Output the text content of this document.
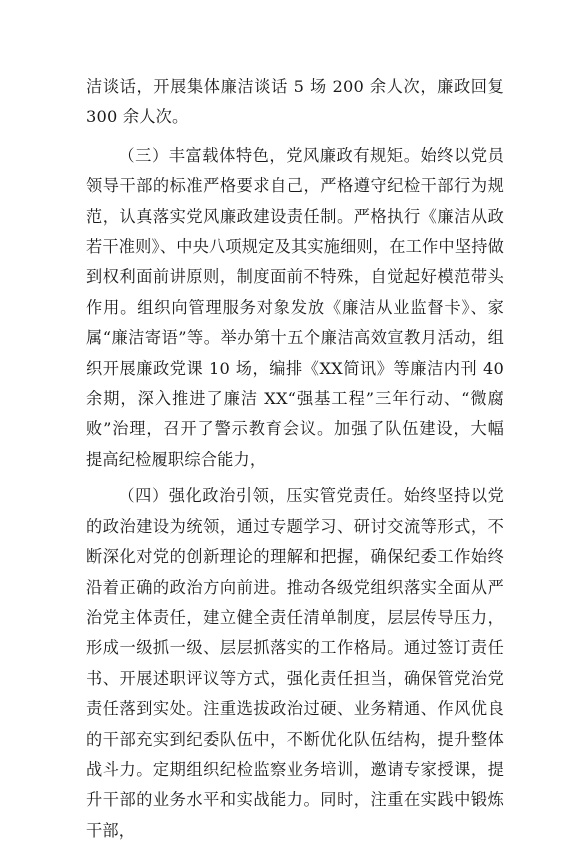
洁谈话，开展集体廉洁谈话 5 场 200 余人次，廉政回复 300 余人次。

（三）丰富载体特色，党风廉政有规矩。始终以党员领导干部的标准严格要求自己，严格遵守纪检干部行为规范，认真落实党风廉政建设责任制。严格执行《廉洁从政若干准则》、中央八项规定及其实施细则，在工作中坚持做到权利面前讲原则，制度面前不特殊，自觉起好模范带头作用。组织向管理服务对象发放《廉洁从业监督卡》、家属“廉洁寄语”等。举办第十五个廉洁高效宣教月活动，组织开展廉政党课 10 场，编排《XX简讯》等廉洁内刊 40 余期，深入推进了廉洁 XX“强基工程”三年行动、“微腐败”治理，召开了警示教育会议。加强了队伍建设，大幅提高纪检履职综合能力，

（四）强化政治引领，压实管党责任。始终坚持以党的政治建设为统领，通过专题学习、研讨交流等形式，不断深化对党的创新理论的理解和把握，确保纪委工作始终沿着正确的政治方向前进。推动各级党组织落实全面从严治党主体责任，建立健全责任清单制度，层层传导压力，形成一级抓一级、层层抓落实的工作格局。通过签订责任书、开展述职评议等方式，强化责任担当，确保管党治党责任落到实处。注重选拔政治过硬、业务精通、作风优良的干部充实到纪委队伍中，不断优化队伍结构，提升整体战斗力。定期组织纪检监察业务培训，邀请专家授课，提升干部的业务水平和实战能力。同时，注重在实践中锻炼干部，
